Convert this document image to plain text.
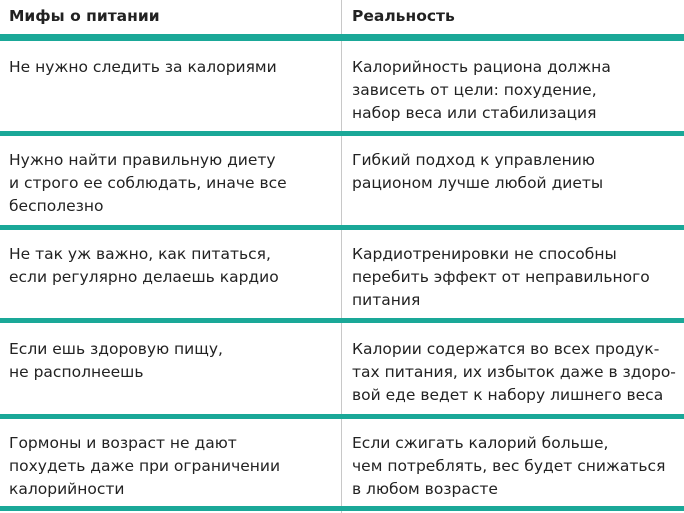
Мифы о питании	Реальность
Не нужно следить за калориями	Калорийность рациона должна
зависеть от цели: похудение,
набор веса или стабилизация
Нужно найти правильную диету
и строго ее соблюдать, иначе все
бесполезно
Гибкий подход к управлению
рационом лучше любой диеты
Не так уж важно, как питаться,
если регулярно делаешь кардио
Кардиотренировки не способны
перебить эффект от неправильного
питания
Если ешь здоровую пищу,
не располнеешь
Калории содержатся во всех продук-
тах питания, их избыток даже в здоро-
вой еде ведет к набору лишнего веса
Гормоны и возраст не дают
похудеть даже при ограничении
калорийности
Если сжигать калорий больше,
чем потреблять, вес будет снижаться
в любом возрасте
